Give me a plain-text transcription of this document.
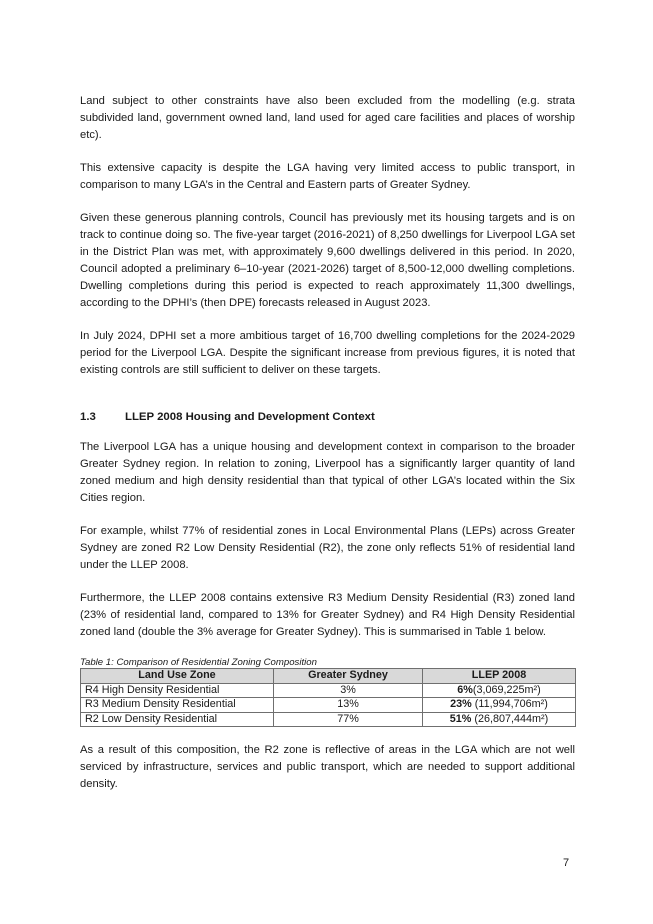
Land subject to other constraints have also been excluded from the modelling (e.g. strata subdivided land, government owned land, land used for aged care facilities and places of worship etc).

This extensive capacity is despite the LGA having very limited access to public transport, in comparison to many LGA’s in the Central and Eastern parts of Greater Sydney.

Given these generous planning controls, Council has previously met its housing targets and is on track to continue doing so. The five-year target (2016-2021) of 8,250 dwellings for Liverpool LGA set in the District Plan was met, with approximately 9,600 dwellings delivered in this period. In 2020, Council adopted a preliminary 6–10-year (2021-2026) target of 8,500-12,000 dwelling completions. Dwelling completions during this period is expected to reach approximately 11,300 dwellings, according to the DPHI’s (then DPE) forecasts released in August 2023.

In July 2024, DPHI set a more ambitious target of 16,700 dwelling completions for the 2024-2029 period for the Liverpool LGA. Despite the significant increase from previous figures, it is noted that existing controls are still sufficient to deliver on these targets.

1.3	LLEP 2008 Housing and Development Context

The Liverpool LGA has a unique housing and development context in comparison to the broader Greater Sydney region. In relation to zoning, Liverpool has a significantly larger quantity of land zoned medium and high density residential than that typical of other LGA’s located within the Six Cities region.

For example, whilst 77% of residential zones in Local Environmental Plans (LEPs) across Greater Sydney are zoned R2 Low Density Residential (R2), the zone only reflects 51% of residential land under the LLEP 2008.

Furthermore, the LLEP 2008 contains extensive R3 Medium Density Residential (R3) zoned land (23% of residential land, compared to 13% for Greater Sydney) and R4 High Density Residential zoned land (double the 3% average for Greater Sydney). This is summarised in Table 1 below.

Table 1: Comparison of Residential Zoning Composition
Land Use Zone	Greater Sydney	LLEP 2008
R4 High Density Residential	3%	6%(3,069,225m²)
R3 Medium Density Residential	13%	23% (11,994,706m²)
R2 Low Density Residential	77%	51% (26,807,444m²)

As a result of this composition, the R2 zone is reflective of areas in the LGA which are not well serviced by infrastructure, services and public transport, which are needed to support additional density.

7
